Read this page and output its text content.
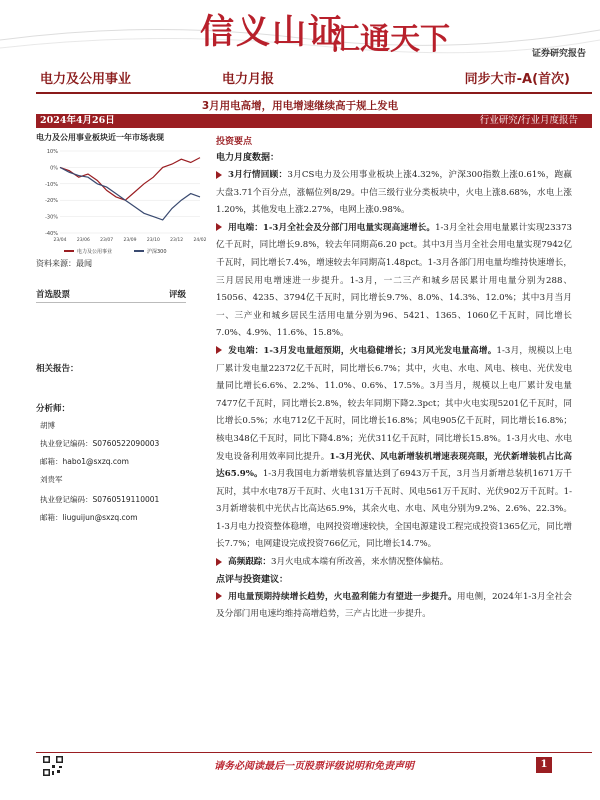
信义山证
汇通天下	证券研究报告
电力及公用事业	电力月报	同步大市-A(首次)
3月用电高增，用电增速继续高于规上发电
2024年4月26日	行业研究/行业月度报告
电力及公用事业板块近一年市场表现
10%
0%
-10%
-20%
-30%
-40%
23/04 23/06 23/07 23/09 23/10 23/12 24/02
电力及公用事业	沪深300
资料来源：最闻
首选股票	评级
相关报告：
分析师：
胡博
执业登记编码：S0760522090003
邮箱：habo1@sxzq.com
刘贵军
执业登记编码：S0760519110001
邮箱：liuguijun@sxzq.com
投资要点
电力月度数据：
3月行情回顾：3月CS电力及公用事业板块上涨4.32%，沪深300指数上涨0.61%，跑赢大盘3.71个百分点，涨幅位列8/29。中信三级行业分类板块中，火电上涨8.68%，水电上涨1.20%，其他发电上涨2.27%，电网上涨0.98%。
用电端：1-3月全社会及分部门用电量实现高速增长。1-3月全社会用电量累计实现23373亿千瓦时，同比增长9.8%，较去年同期高6.20 pct。其中3月当月全社会用电量实现7942亿千瓦时，同比增长7.4%，增速较去年同期高1.48pct。1-3月各部门用电量均维持快速增长，三月居民用电增速进一步提升。1-3月，一二三产和城乡居民累计用电量分别为288、15056、4235、3794亿千瓦时，同比增长9.7%、8.0%、14.3%、12.0%；其中3月当月一、三产业和城乡居民生活用电量分别为96、5421、1365、1060亿千瓦时，同比增长7.0%、4.9%、11.6%、15.8%。
发电端：1-3月发电量超预期，火电稳健增长；3月风光发电量高增。1-3月，规模以上电厂累计发电量22372亿千瓦时，同比增长6.7%；其中，火电、水电、风电、核电、光伏发电量同比增长6.6%、2.2%、11.0%、0.6%、17.5%。3月当月，规模以上电厂累计发电量7477亿千瓦时，同比增长2.8%，较去年同期下降2.3pct；其中火电实现5201亿千瓦时，同比增长0.5%；水电712亿千瓦时，同比增长16.8%；风电905亿千瓦时，同比增长16.8%；核电348亿千瓦时，同比下降4.8%；光伏311亿千瓦时，同比增长15.8%。1-3月火电、水电发电设备利用效率同比提升。1-3月光伏、风电新增装机增速表现亮眼，光伏新增装机占比高达65.9%。1-3月我国电力新增装机容量达到了6943万千瓦，3月当月新增总装机1671万千瓦时，其中水电78万千瓦时、火电131万千瓦时、风电561万千瓦时、光伏902万千瓦时。1-3月新增装机中光伏占比高达65.9%，其余火电、水电、风电分别为9.2%、2.6%、22.3%。1-3月电力投资整体稳增，电网投资增速较快，全国电源建设工程完成投资1365亿元，同比增长7.7%；电网建设完成投资766亿元，同比增长14.7%。
高频跟踪：3月火电成本端有所改善，来水情况整体偏枯。
点评与投资建议：
用电量预期持续增长趋势，火电盈利能力有望进一步提升。用电侧，2024年1-3月全社会及分部门用电速均维持高增趋势，三产占比进一步提升。
请务必阅读最后一页股票评级说明和免责声明	1
